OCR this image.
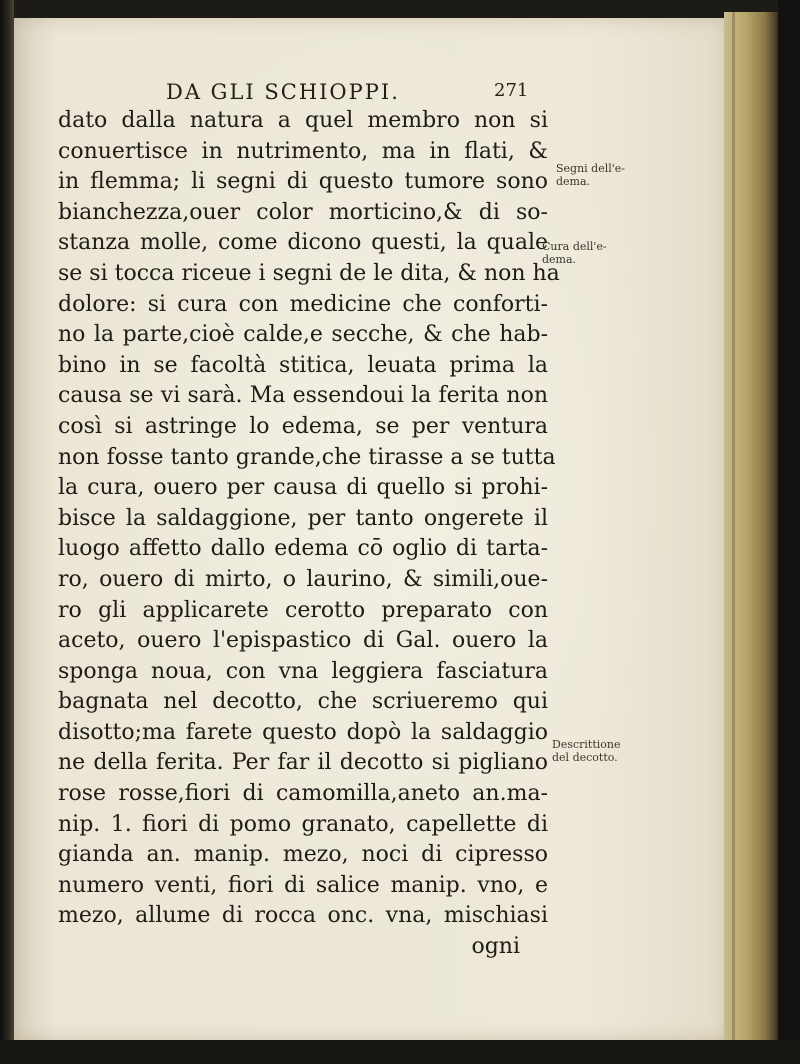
DA GLI SCHIOPPI.	271
dato dalla natura a quel membro non si
conuertisce in nutrimento, ma in flati, &
in flemma; li segni di questo tumore sono
bianchezza,ouer color morticino,& di so-
stanza molle, come dicono questi, la quale
se si tocca riceue i segni de le dita, & non ha
dolore: si cura con medicine che conforti-
no la parte,cioè calde,e secche, & che hab-
bino in se facoltà stitica, leuata prima la
causa se vi sarà. Ma essendoui la ferita non
così si astringe lo edema, se per ventura
non fosse tanto grande,che tirasse a se tutta
la cura, ouero per causa di quello si prohi-
bisce la saldaggione, per tanto ongerete il
luogo affetto dallo edema cō oglio di tarta-
ro, ouero di mirto, o laurino, & simili,oue-
ro gli applicarete cerotto preparato con
aceto, ouero l'epispastico di Gal. ouero la
sponga noua, con vna leggiera fasciatura
bagnata nel decotto, che scriueremo qui
disotto;ma farete questo dopò la saldaggio
ne della ferita. Per far il decotto si pigliano
rose rosse,fiori di camomilla,aneto an.ma-
nip. 1. fiori di pomo granato, capellette di
gianda an. manip. mezo, noci di cipresso
numero venti, fiori di salice manip. vno, e
mezo, allume di rocca onc. vna, mischiasi
ogni
Segni dell'e-
dema.
Cura dell'e-
dema.
Descrittione
del decotto.
